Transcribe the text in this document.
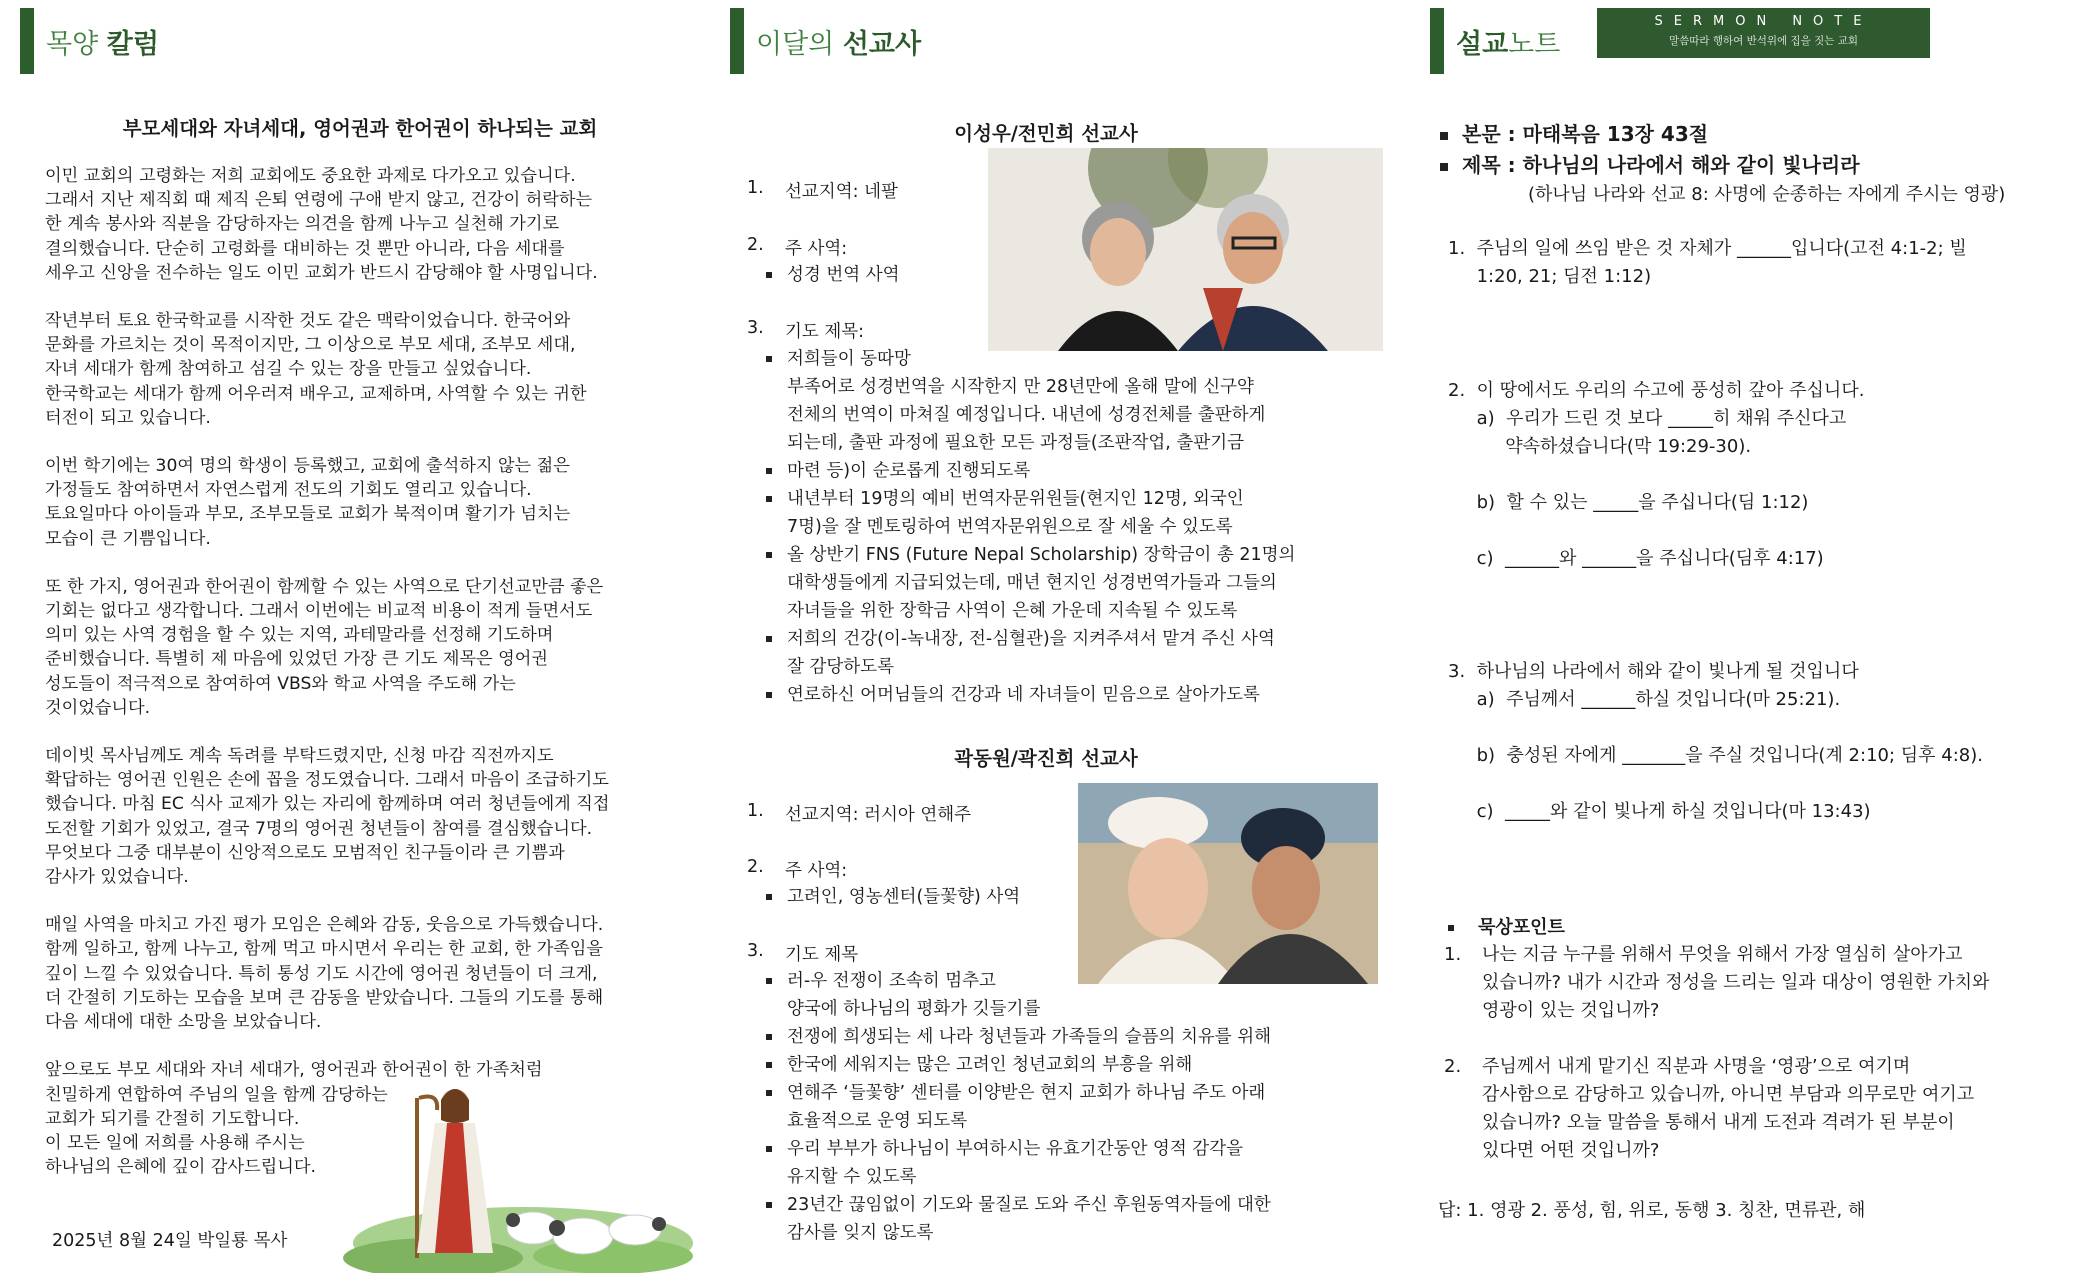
목양 칼럼
부모세대와 자녀세대, 영어권과 한어권이 하나되는 교회
이민 교회의 고령화는 저희 교회에도 중요한 과제로 다가오고 있습니다.
그래서 지난 제직회 때 제직 은퇴 연령에 구애 받지 않고, 건강이 허락하는
한 계속 봉사와 직분을 감당하자는 의견을 함께 나누고 실천해 가기로
결의했습니다. 단순히 고령화를 대비하는 것 뿐만 아니라, 다음 세대를
세우고 신앙을 전수하는 일도 이민 교회가 반드시 감당해야 할 사명입니다.
작년부터 토요 한국학교를 시작한 것도 같은 맥락이었습니다. 한국어와
문화를 가르치는 것이 목적이지만, 그 이상으로 부모 세대, 조부모 세대,
자녀 세대가 함께 참여하고 섬길 수 있는 장을 만들고 싶었습니다.
한국학교는 세대가 함께 어우러져 배우고, 교제하며, 사역할 수 있는 귀한
터전이 되고 있습니다.
이번 학기에는 30여 명의 학생이 등록했고, 교회에 출석하지 않는 젊은
가정들도 참여하면서 자연스럽게 전도의 기회도 열리고 있습니다.
토요일마다 아이들과 부모, 조부모들로 교회가 북적이며 활기가 넘치는
모습이 큰 기쁨입니다.
또 한 가지, 영어권과 한어권이 함께할 수 있는 사역으로 단기선교만큼 좋은
기회는 없다고 생각합니다. 그래서 이번에는 비교적 비용이 적게 들면서도
의미 있는 사역 경험을 할 수 있는 지역, 과테말라를 선정해 기도하며
준비했습니다. 특별히 제 마음에 있었던 가장 큰 기도 제목은 영어권
성도들이 적극적으로 참여하여 VBS와 학교 사역을 주도해 가는
것이었습니다.
데이빗 목사님께도 계속 독려를 부탁드렸지만, 신청 마감 직전까지도
확답하는 영어권 인원은 손에 꼽을 정도였습니다. 그래서 마음이 조급하기도
했습니다. 마침 EC 식사 교제가 있는 자리에 함께하며 여러 청년들에게 직접
도전할 기회가 있었고, 결국 7명의 영어권 청년들이 참여를 결심했습니다.
무엇보다 그중 대부분이 신앙적으로도 모범적인 친구들이라 큰 기쁨과
감사가 있었습니다.
매일 사역을 마치고 가진 평가 모임은 은혜와 감동, 웃음으로 가득했습니다.
함께 일하고, 함께 나누고, 함께 먹고 마시면서 우리는 한 교회, 한 가족임을
깊이 느낄 수 있었습니다. 특히 통성 기도 시간에 영어권 청년들이 더 크게,
더 간절히 기도하는 모습을 보며 큰 감동을 받았습니다. 그들의 기도를 통해
다음 세대에 대한 소망을 보았습니다.
앞으로도 부모 세대와 자녀 세대가, 영어권과 한어권이 한 가족처럼
친밀하게 연합하여 주님의 일을 함께 감당하는
교회가 되기를 간절히 기도합니다.
이 모든 일에 저희를 사용해 주시는
하나님의 은혜에 깊이 감사드립니다.
2025년 8월 24일 박일룡 목사
이달의 선교사
이성우/전민희 선교사
1. 선교지역: 네팔
2. 주 사역:
성경 번역 사역
3. 기도 제목:
저희들이 동따망
부족어로 성경번역을 시작한지 만 28년만에 올해 말에 신구약
전체의 번역이 마쳐질 예정입니다. 내년에 성경전체를 출판하게
되는데, 출판 과정에 필요한 모든 과정들(조판작업, 출판기금
마련 등)이 순로롭게 진행되도록
내년부터 19명의 예비 번역자문위원들(현지인 12명, 외국인
7명)을 잘 멘토링하여 번역자문위원으로 잘 세울 수 있도록
올 상반기 FNS (Future Nepal Scholarship) 장학금이 총 21명의
대학생들에게 지급되었는데, 매년 현지인 성경번역가들과 그들의
자녀들을 위한 장학금 사역이 은혜 가운데 지속될 수 있도록
저희의 건강(이-녹내장, 전-심혈관)을 지켜주셔서 맡겨 주신 사역
잘 감당하도록
연로하신 어머님들의 건강과 네 자녀들이 믿음으로 살아가도록
곽동원/곽진희 선교사
1. 선교지역: 러시아 연해주
2. 주 사역:
고려인, 영농센터(들꽃향) 사역
3. 기도 제목
러-우 전쟁이 조속히 멈추고
양국에 하나님의 평화가 깃들기를
전쟁에 희생되는 세 나라 청년들과 가족들의 슬픔의 치유를 위해
한국에 세워지는 많은 고려인 청년교회의 부흥을 위해
연해주 ‘들꽃향’ 센터를 이양받은 현지 교회가 하나님 주도 아래
효율적으로 운영 되도록
우리 부부가 하나님이 부여하시는 유효기간동안 영적 감각을
유지할 수 있도록
23년간 끊임없이 기도와 물질로 도와 주신 후원동역자들에 대한
감사를 잊지 않도록
설교노트
SERMON NOTE
말씀따라 행하여 반석위에 집을 짓는 교회
본문 : 마태복음 13장 43절
제목 : 하나님의 나라에서 해와 같이 빛나리라
(하나님 나라와 선교 8: 사명에 순종하는 자에게 주시는 영광)
1.  주님의 일에 쓰임 받은 것 자체가 ______입니다(고전 4:1-2; 빌
1:20, 21; 딤전 1:12)
2.  이 땅에서도 우리의 수고에 풍성히 갚아 주십니다.
a)  우리가 드린 것 보다 _____히 채워 주신다고
약속하셨습니다(막 19:29-30).
b)  할 수 있는 _____을 주십니다(딤 1:12)
c)  ______와 ______을 주십니다(딤후 4:17)
3.  하나님의 나라에서 해와 같이 빛나게 될 것입니다
a)  주님께서 ______하실 것입니다(마 25:21).
b)  충성된 자에게 _______을 주실 것입니다(계 2:10; 딤후 4:8).
c)  _____와 같이 빛나게 하실 것입니다(마 13:43)
묵상포인트
1. 나는 지금 누구를 위해서 무엇을 위해서 가장 열심히 살아가고
있습니까? 내가 시간과 정성을 드리는 일과 대상이 영원한 가치와
영광이 있는 것입니까?
2. 주님께서 내게 맡기신 직분과 사명을 ‘영광’으로 여기며
감사함으로 감당하고 있습니까, 아니면 부담과 의무로만 여기고
있습니까? 오늘 말씀을 통해서 내게 도전과 격려가 된 부분이
있다면 어떤 것입니까?
답: 1. 영광 2. 풍성, 힘, 위로, 동행 3. 칭찬, 면류관, 해
